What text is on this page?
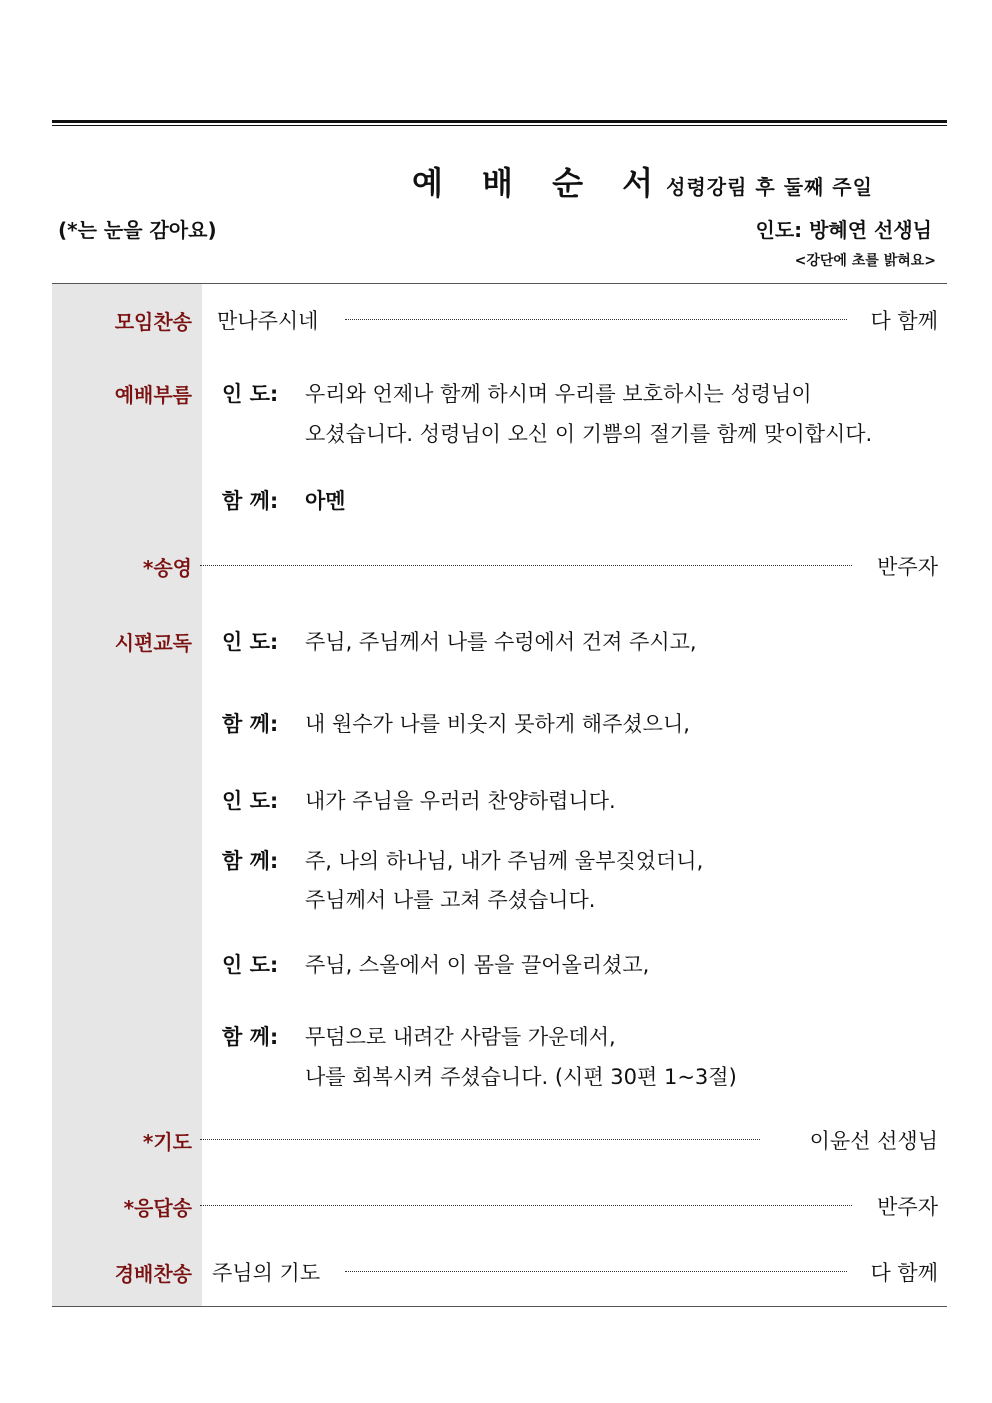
예 배 순 서 성령강림 후 둘째 주일
(*는 눈을 감아요)	인도: 방혜연 선생님
<강단에 초를 밝혀요>
모임찬송 만나주시네	다 함께
예배부름 인 도: 우리와 언제나 함께 하시며 우리를 보호하시는 성령님이
오셨습니다. 성령님이 오신 이 기쁨의 절기를 함께 맞이합시다.
함 께: 아멘
*송영	반주자
시편교독 인 도: 주님, 주님께서 나를 수렁에서 건져 주시고,
함 께: 내 원수가 나를 비웃지 못하게 해주셨으니,
인 도: 내가 주님을 우러러 찬양하렵니다.
함 께: 주, 나의 하나님, 내가 주님께 울부짖었더니,
주님께서 나를 고쳐 주셨습니다.
인 도: 주님, 스올에서 이 몸을 끌어올리셨고,
함 께: 무덤으로 내려간 사람들 가운데서,
나를 회복시켜 주셨습니다. (시편 30편 1~3절)
*기도	이윤선 선생님
*응답송	반주자
경배찬송 주님의 기도	다 함께
